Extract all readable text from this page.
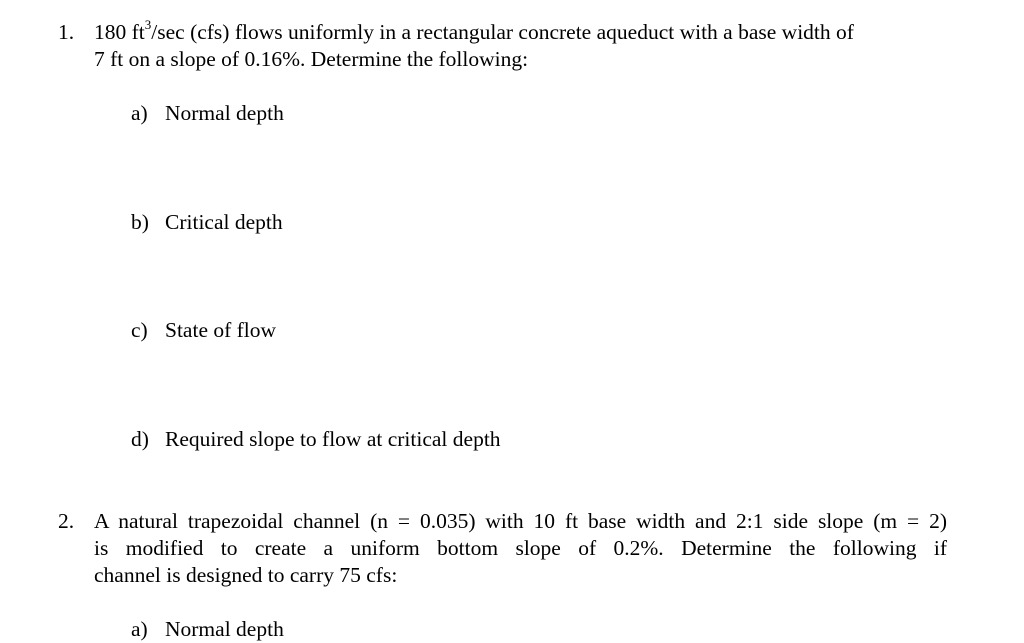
1. 180 $ft^3/\sec$ (cfs) flows uniformly in a rectangular concrete aqueduct with a base width of
7 ft on a slope of 0.16%. Determine the following:
a) Normal depth
b) Critical depth
c) State of flow
d) Required slope to flow at critical depth
2. A natural trapezoidal channel (n = 0.035) with 10 ft base width and 2:1 side slope (m = 2)
is modified to create a uniform bottom slope of 0.2%. Determine the following if
channel is designed to carry 75 cfs:
a) Normal depth
